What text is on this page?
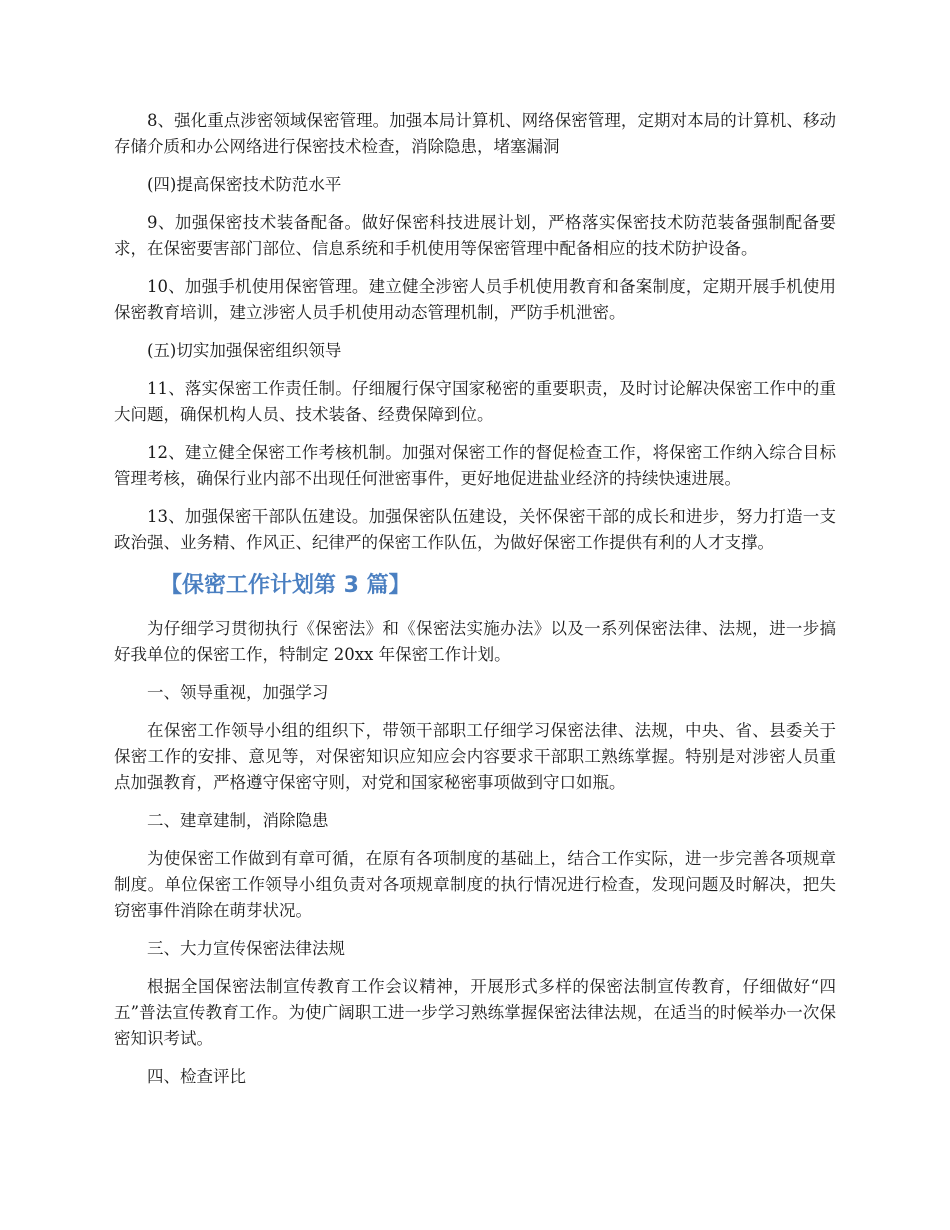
8、强化重点涉密领域保密管理。加强本局计算机、网络保密管理，定期对本局的计算机、移动存储介质和办公网络进行保密技术检查，消除隐患，堵塞漏洞

(四)提高保密技术防范水平

9、加强保密技术装备配备。做好保密科技进展计划，严格落实保密技术防范装备强制配备要求，在保密要害部门部位、信息系统和手机使用等保密管理中配备相应的技术防护设备。

10、加强手机使用保密管理。建立健全涉密人员手机使用教育和备案制度，定期开展手机使用保密教育培训，建立涉密人员手机使用动态管理机制，严防手机泄密。

(五)切实加强保密组织领导

11、落实保密工作责任制。仔细履行保守国家秘密的重要职责，及时讨论解决保密工作中的重大问题，确保机构人员、技术装备、经费保障到位。

12、建立健全保密工作考核机制。加强对保密工作的督促检查工作，将保密工作纳入综合目标管理考核，确保行业内部不出现任何泄密事件，更好地促进盐业经济的持续快速进展。

13、加强保密干部队伍建设。加强保密队伍建设，关怀保密干部的成长和进步，努力打造一支政治强、业务精、作风正、纪律严的保密工作队伍，为做好保密工作提供有利的人才支撑。

【保密工作计划第 3 篇】

为仔细学习贯彻执行《保密法》和《保密法实施办法》以及一系列保密法律、法规，进一步搞好我单位的保密工作，特制定 20xx 年保密工作计划。

一、领导重视，加强学习

在保密工作领导小组的组织下，带领干部职工仔细学习保密法律、法规，中央、省、县委关于保密工作的安排、意见等，对保密知识应知应会内容要求干部职工熟练掌握。特别是对涉密人员重点加强教育，严格遵守保密守则，对党和国家秘密事项做到守口如瓶。

二、建章建制，消除隐患

为使保密工作做到有章可循，在原有各项制度的基础上，结合工作实际，进一步完善各项规章制度。单位保密工作领导小组负责对各项规章制度的执行情况进行检查，发现问题及时解决，把失窃密事件消除在萌芽状况。

三、大力宣传保密法律法规

根据全国保密法制宣传教育工作会议精神，开展形式多样的保密法制宣传教育，仔细做好“四五”普法宣传教育工作。为使广阔职工进一步学习熟练掌握保密法律法规，在适当的时候举办一次保密知识考试。

四、检查评比
